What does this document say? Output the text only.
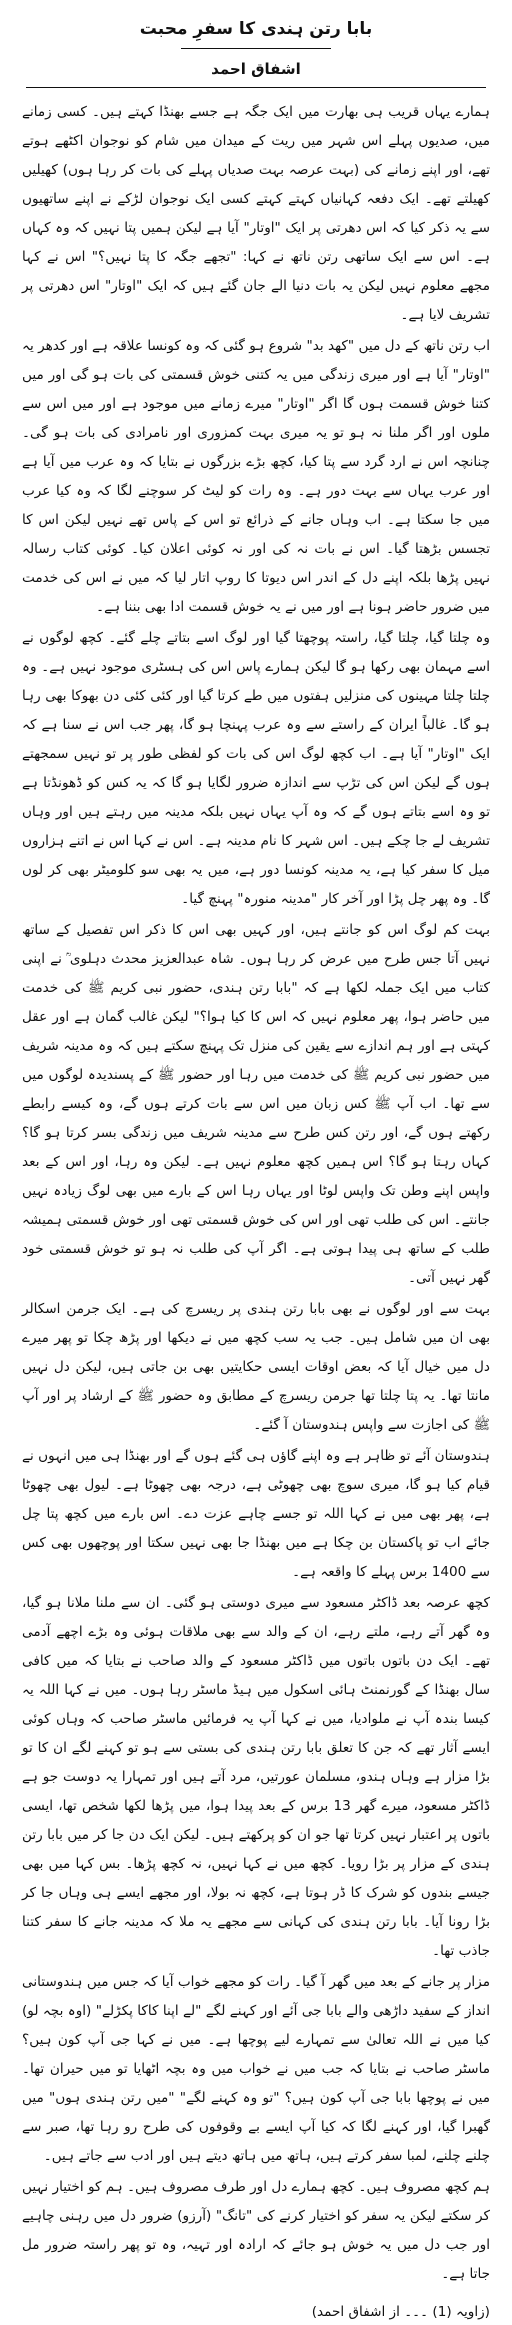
بابا رتن ہندی کا سفرِ محبت
اشفاق احمد

ہمارے یہاں قریب ہی بھارت میں ایک جگہ ہے جسے بھنڈا کہتے ہیں۔ کسی زمانے میں، صدیوں پہلے اس شہر میں ریت کے میدان میں شام کو نوجوان اکٹھے ہوتے تھے، اور اپنے زمانے کی (بہت عرصہ بہت صدیاں پہلے کی بات کر رہا ہوں) کھیلیں کھیلتے تھے۔ ایک دفعہ کہانیاں کہتے کہتے کسی ایک نوجوان لڑکے نے اپنے ساتھیوں سے یہ ذکر کیا کہ اس دھرتی پر ایک "اوتار" آیا ہے لیکن ہمیں پتا نہیں کہ وہ کہاں ہے۔ اس سے ایک ساتھی رتن ناتھ نے کہا: "تجھے جگہ کا پتا نہیں؟" اس نے کہا مجھے معلوم نہیں لیکن یہ بات دنیا الے جان گئے ہیں کہ ایک "اوتار" اس دھرتی پر تشریف لایا ہے۔

اب رتن ناتھ کے دل میں "کھد بد" شروع ہو گئی کہ وہ کونسا علاقہ ہے اور کدھر یہ "اوتار" آیا ہے اور میری زندگی میں یہ کتنی خوش قسمتی کی بات ہو گی اور میں کتنا خوش قسمت ہوں گا اگر "اوتار" میرے زمانے میں موجود ہے اور میں اس سے ملوں اور اگر ملنا نہ ہو تو یہ میری بہت کمزوری اور نامرادی کی بات ہو گی۔ چنانچہ اس نے ارد گرد سے پتا کیا، کچھ بڑے بزرگوں نے بتایا کہ وہ عرب میں آیا ہے اور عرب یہاں سے بہت دور ہے۔ وہ رات کو لیٹ کر سوچنے لگا کہ وہ کیا عرب میں جا سکتا ہے۔ اب وہاں جانے کے ذرائع تو اس کے پاس تھے نہیں لیکن اس کا تجسس بڑھتا گیا۔ اس نے بات نہ کی اور نہ کوئی اعلان کیا۔ کوئی کتاب رسالہ نہیں پڑھا بلکہ اپنے دل کے اندر اس دیوتا کا روپ اتار لیا کہ میں نے اس کی خدمت میں ضرور حاضر ہونا ہے اور میں نے یہ خوش قسمت ادا بھی بننا ہے۔

وہ چلتا گیا، چلتا گیا، راستہ پوچھتا گیا اور لوگ اسے بتاتے چلے گئے۔ کچھ لوگوں نے اسے مہمان بھی رکھا ہو گا لیکن ہمارے پاس اس کی ہسٹری موجود نہیں ہے۔ وہ چلتا چلتا مہینوں کی منزلیں ہفتوں میں طے کرتا گیا اور کئی کئی دن بھوکا بھی رہا ہو گا۔ غالباً ایران کے راستے سے وہ عرب پہنچا ہو گا، پھر جب اس نے سنا ہے کہ ایک "اوتار" آیا ہے۔ اب کچھ لوگ اس کی بات کو لفظی طور پر تو نہیں سمجھتے ہوں گے لیکن اس کی تڑپ سے اندازہ ضرور لگایا ہو گا کہ یہ کس کو ڈھونڈتا ہے تو وہ اسے بتاتے ہوں گے کہ وہ آپ یہاں نہیں بلکہ مدینہ میں رہتے ہیں اور وہاں تشریف لے جا چکے ہیں۔ اس شہر کا نام مدینہ ہے۔ اس نے کہا اس نے اتنے ہزاروں میل کا سفر کیا ہے، یہ مدینہ کونسا دور ہے، میں یہ بھی سو کلومیٹر بھی کر لوں گا۔ وہ پھر چل پڑا اور آخر کار "مدینہ منورہ" پہنچ گیا۔

بہت کم لوگ اس کو جانتے ہیں، اور کہیں بھی اس کا ذکر اس تفصیل کے ساتھ نہیں آتا جس طرح میں عرض کر رہا ہوں۔ شاہ عبدالعزیز محدث دہلوی ؒ نے اپنی کتاب میں ایک جملہ لکھا ہے کہ "بابا رتن ہندی، حضور نبی کریم ﷺ کی خدمت میں حاضر ہوا، پھر معلوم نہیں کہ اس کا کیا ہوا؟" لیکن غالب گمان ہے اور عقل کہتی ہے اور ہم اندازے سے یقین کی منزل تک پہنچ سکتے ہیں کہ وہ مدینہ شریف میں حضور نبی کریم ﷺ کی خدمت میں رہا اور حضور ﷺ کے پسندیدہ لوگوں میں سے تھا۔ اب آپ ﷺ کس زبان میں اس سے بات کرتے ہوں گے، وہ کیسے رابطے رکھتے ہوں گے، اور رتن کس طرح سے مدینہ شریف میں زندگی بسر کرتا ہو گا؟ کہاں رہتا ہو گا؟ اس ہمیں کچھ معلوم نہیں ہے۔ لیکن وہ رہا، اور اس کے بعد واپس اپنے وطن تک واپس لوٹا اور یہاں رہا اس کے بارے میں بھی لوگ زیادہ نہیں جانتے۔ اس کی طلب تھی اور اس کی خوش قسمتی تھی اور خوش قسمتی ہمیشہ طلب کے ساتھ ہی پیدا ہوتی ہے۔ اگر آپ کی طلب نہ ہو تو خوش قسمتی خود گھر نہیں آتی۔

بہت سے اور لوگوں نے بھی بابا رتن ہندی پر ریسرچ کی ہے۔ ایک جرمن اسکالر بھی ان میں شامل ہیں۔ جب یہ سب کچھ میں نے دیکھا اور پڑھ چکا تو پھر میرے دل میں خیال آیا کہ بعض اوقات ایسی حکایتیں بھی بن جاتی ہیں، لیکن دل نہیں مانتا تھا۔ یہ پتا چلتا تھا جرمن ریسرچ کے مطابق وہ حضور ﷺ کے ارشاد پر اور آپ ﷺ کی اجازت سے واپس ہندوستان آ گئے۔

ہندوستان آئے تو ظاہر ہے وہ اپنے گاؤں ہی گئے ہوں گے اور بھنڈا ہی میں انہوں نے قیام کیا ہو گا، میری سوچ بھی چھوٹی ہے، درجہ بھی چھوٹا ہے۔ لیول بھی چھوٹا ہے، پھر بھی میں نے کہا اللہ تو جسے چاہے عزت دے۔ اس بارے میں کچھ پتا چل جائے اب تو پاکستان بن چکا ہے میں بھنڈا جا بھی نہیں سکتا اور پوچھوں بھی کس سے 1400 برس پہلے کا واقعہ ہے۔

کچھ عرصہ بعد ڈاکٹر مسعود سے میری دوستی ہو گئی۔ ان سے ملنا ملانا ہو گیا، وہ گھر آتے رہے، ملتے رہے، ان کے والد سے بھی ملاقات ہوئی وہ بڑے اچھے آدمی تھے۔ ایک دن باتوں باتوں میں ڈاکٹر مسعود کے والد صاحب نے بتایا کہ میں کافی سال بھنڈا کے گورنمنٹ ہائی اسکول میں ہیڈ ماسٹر رہا ہوں۔ میں نے کہا اللہ یہ کیسا بندہ آپ نے ملوادیا، میں نے کہا آپ یہ فرمائیں ماسٹر صاحب کہ وہاں کوئی ایسے آثار تھے کہ جن کا تعلق بابا رتن ہندی کی بستی سے ہو تو کہنے لگے ان کا تو بڑا مزار ہے وہاں ہندو، مسلمان عورتیں، مرد آتے ہیں اور تمہارا یہ دوست جو ہے ڈاکٹر مسعود، میرے گھر 13 برس کے بعد پیدا ہوا، میں پڑھا لکھا شخص تھا، ایسی باتوں پر اعتبار نہیں کرتا تھا جو ان کو پرکھتے ہیں۔ لیکن ایک دن جا کر میں بابا رتن ہندی کے مزار پر بڑا رویا۔ کچھ میں نے کہا نہیں، نہ کچھ پڑھا۔ بس کہا میں بھی جیسے بندوں کو شرک کا ڈر ہوتا ہے، کچھ نہ بولا، اور مجھے ایسے ہی وہاں جا کر بڑا رونا آیا۔ بابا رتن ہندی کی کہانی سے مجھے یہ ملا کہ مدینہ جانے کا سفر کتنا جاذب تھا۔

مزار پر جانے کے بعد میں گھر آ گیا۔ رات کو مجھے خواب آیا کہ جس میں ہندوستانی انداز کے سفید داڑھی والے بابا جی آئے اور کہنے لگے "لے اپنا کاکا پکڑلے" (اوہ بچہ لو) کیا میں نے اللہ تعالیٰ سے تمہارے لیے پوچھا ہے۔ میں نے کہا جی آپ کون ہیں؟ ماسٹر صاحب نے بتایا کہ جب میں نے خواب میں وہ بچہ اٹھایا تو میں حیران تھا۔ میں نے پوچھا بابا جی آپ کون ہیں؟ "تو وہ کہنے لگے" "میں رتن ہندی ہوں" میں گھبرا گیا، اور کہنے لگا کہ کیا آپ ایسے بے وقوفوں کی طرح رو رہا تھا، صبر سے چلنے چلنے، لمبا سفر کرتے ہیں، ہاتھ میں ہاتھ دیتے ہیں اور ادب سے جاتے ہیں۔

ہم کچھ مصروف ہیں۔ کچھ ہمارے دل اور طرف مصروف ہیں۔ ہم کو اختیار نہیں کر سکتے لیکن یہ سفر کو اختیار کرنے کی "تانگ" (آرزو) ضرور دل میں رہنی چاہیے اور جب دل میں یہ خوش ہو جائے کہ ارادہ اور تہیہ، وہ تو پھر راستہ ضرور مل جاتا ہے۔

(زاویہ (1) ۔۔۔ از اشفاق احمد)
